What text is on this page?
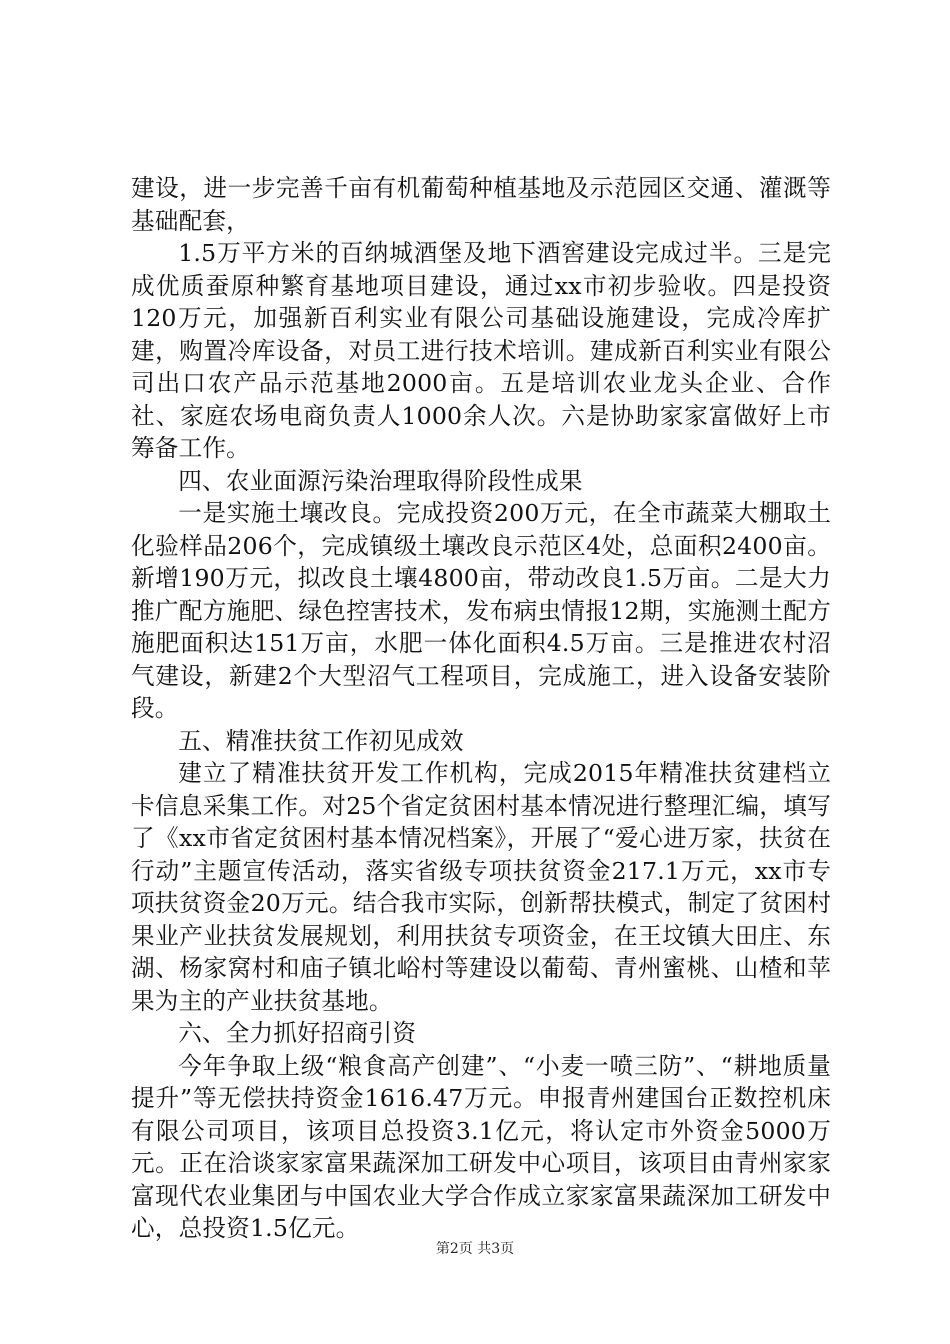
建设，进一步完善千亩有机葡萄种植基地及示范园区交通、灌溉等基础配套，

1.5万平方米的百纳城酒堡及地下酒窖建设完成过半。三是完成优质蚕原种繁育基地项目建设，通过xx市初步验收。四是投资120万元，加强新百利实业有限公司基础设施建设，完成冷库扩建，购置冷库设备，对员工进行技术培训。建成新百利实业有限公司出口农产品示范基地2000亩。五是培训农业龙头企业、合作社、家庭农场电商负责人1000余人次。六是协助家家富做好上市筹备工作。

四、农业面源污染治理取得阶段性成果

一是实施土壤改良。完成投资200万元，在全市蔬菜大棚取土化验样品206个，完成镇级土壤改良示范区4处，总面积2400亩。新增190万元，拟改良土壤4800亩，带动改良1.5万亩。二是大力推广配方施肥、绿色控害技术，发布病虫情报12期，实施测土配方施肥面积达151万亩，水肥一体化面积4.5万亩。三是推进农村沼气建设，新建2个大型沼气工程项目，完成施工，进入设备安装阶段。

五、精准扶贫工作初见成效

建立了精准扶贫开发工作机构，完成2015年精准扶贫建档立卡信息采集工作。对25个省定贫困村基本情况进行整理汇编，填写了《xx市省定贫困村基本情况档案》，开展了“爱心进万家，扶贫在行动”主题宣传活动，落实省级专项扶贫资金217.1万元，xx市专项扶贫资金20万元。结合我市实际，创新帮扶模式，制定了贫困村果业产业扶贫发展规划，利用扶贫专项资金，在王坟镇大田庄、东湖、杨家窝村和庙子镇北峪村等建设以葡萄、青州蜜桃、山楂和苹果为主的产业扶贫基地。

六、全力抓好招商引资

今年争取上级“粮食高产创建”、“小麦一喷三防”、“耕地质量提升”等无偿扶持资金1616.47万元。申报青州建国台正数控机床有限公司项目，该项目总投资3.1亿元，将认定市外资金5000万元。正在洽谈家家富果蔬深加工研发中心项目，该项目由青州家家富现代农业集团与中国农业大学合作成立家家富果蔬深加工研发中心，总投资1.5亿元。

第2页 共3页
